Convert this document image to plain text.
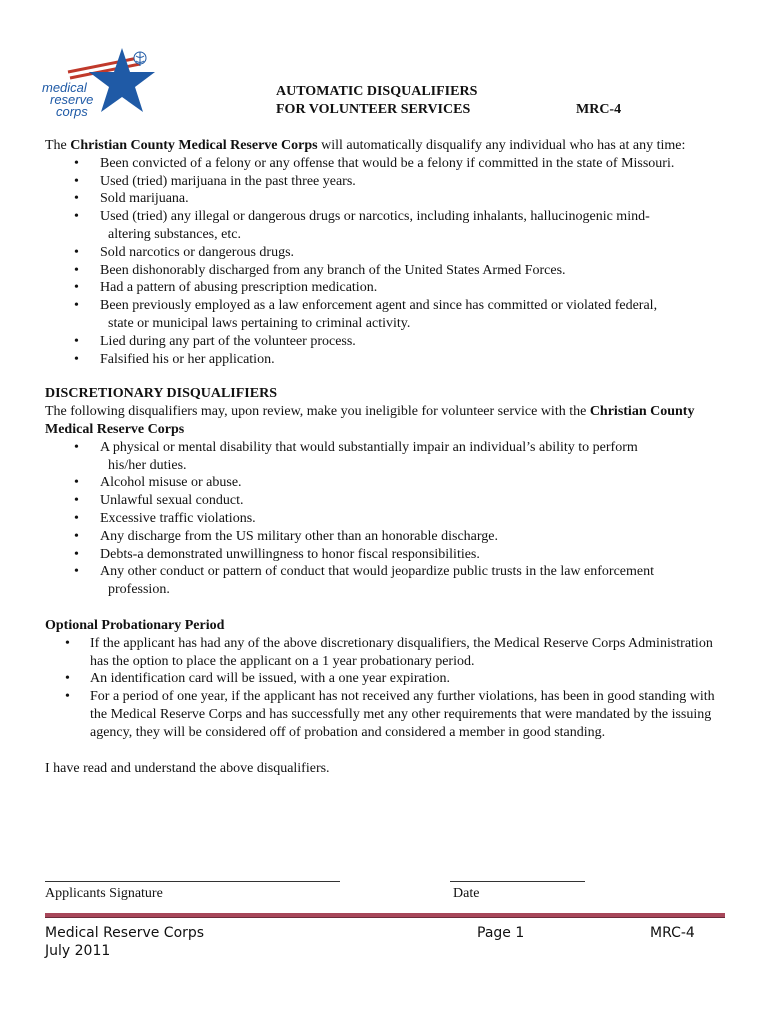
medical
reserve
corps
AUTOMATIC DISQUALIFIERS
FOR VOLUNTEER SERVICES	MRC-4

The Christian County Medical Reserve Corps will automatically disqualify any individual who has at any time:

• Been convicted of a felony or any offense that would be a felony if committed in the state of Missouri.
• Used (tried) marijuana in the past three years.
• Sold marijuana.
• Used (tried) any illegal or dangerous drugs or narcotics, including inhalants, hallucinogenic mind-
altering substances, etc.
• Sold narcotics or dangerous drugs.
• Been dishonorably discharged from any branch of the United States Armed Forces.
• Had a pattern of abusing prescription medication.
• Been previously employed as a law enforcement agent and since has committed or violated federal,
state or municipal laws pertaining to criminal activity.
• Lied during any part of the volunteer process.
• Falsified his or her application.

DISCRETIONARY DISQUALIFIERS

The following disqualifiers may, upon review, make you ineligible for volunteer service with the Christian County Medical Reserve Corps

• A physical or mental disability that would substantially impair an individual’s ability to perform
his/her duties.
• Alcohol misuse or abuse.
• Unlawful sexual conduct.
• Excessive traffic violations.
• Any discharge from the US military other than an honorable discharge.
• Debts-a demonstrated unwillingness to honor fiscal responsibilities.
• Any other conduct or pattern of conduct that would jeopardize public trusts in the law enforcement
profession.

Optional Probationary Period

• If the applicant has had any of the above discretionary disqualifiers, the Medical Reserve Corps Administration has the option to place the applicant on a 1 year probationary period.
• An identification card will be issued, with a one year expiration.
• For a period of one year, if the applicant has not received any further violations, has been in good standing with the Medical Reserve Corps and has successfully met any other requirements that were mandated by the issuing agency, they will be considered off of probation and considered a member in good standing.

I have read and understand the above disqualifiers.

Applicants Signature	Date
Medical Reserve Corps
July 2011
Page 1	MRC-4
